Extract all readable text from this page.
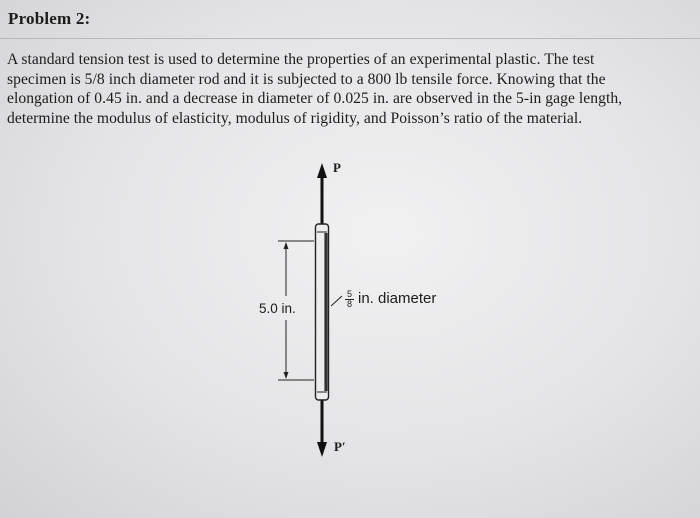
Problem 2:
A standard tension test is used to determine the properties of an experimental plastic. The test
specimen is 5/8 inch diameter rod and it is subjected to a 800 lb tensile force. Knowing that the
elongation of 0.45 in. and a decrease in diameter of 0.025 in. are observed in the 5-in gage length,
determine the modulus of elasticity, modulus of rigidity, and Poisson’s ratio of the material.
P
P′
5.0 in.	$\frac{5}{8}$ in. diameter
